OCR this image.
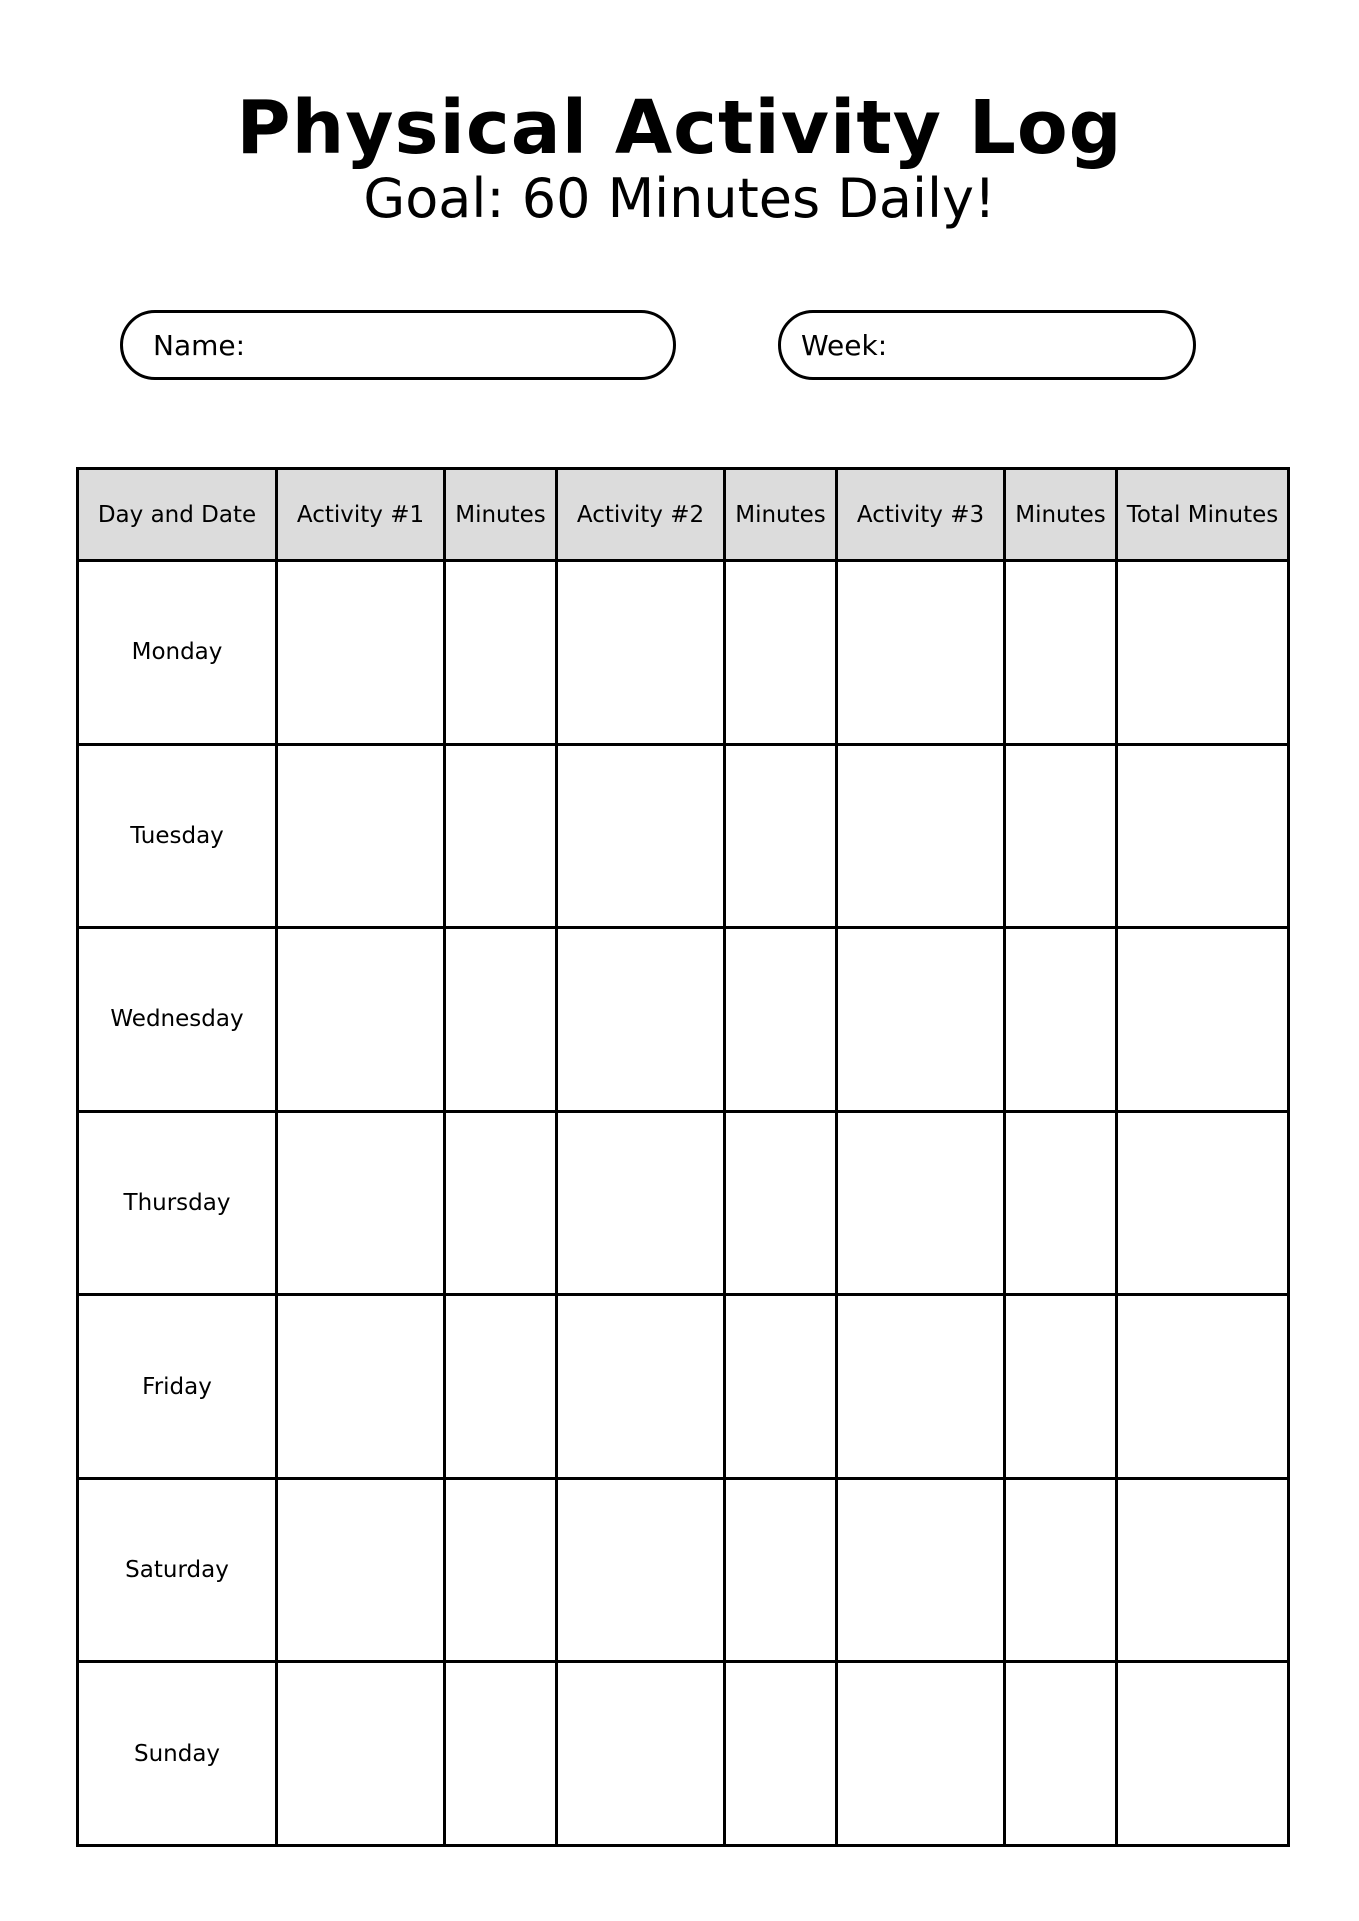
Physical Activity Log

Goal: 60 Minutes Daily!

Name:	Week:
Day and Date	Activity #1	Minutes	Activity #2	Minutes	Activity #3	Minutes	Total Minutes
Monday							
Tuesday							
Wednesday							
Thursday							
Friday							
Saturday							
Sunday							
